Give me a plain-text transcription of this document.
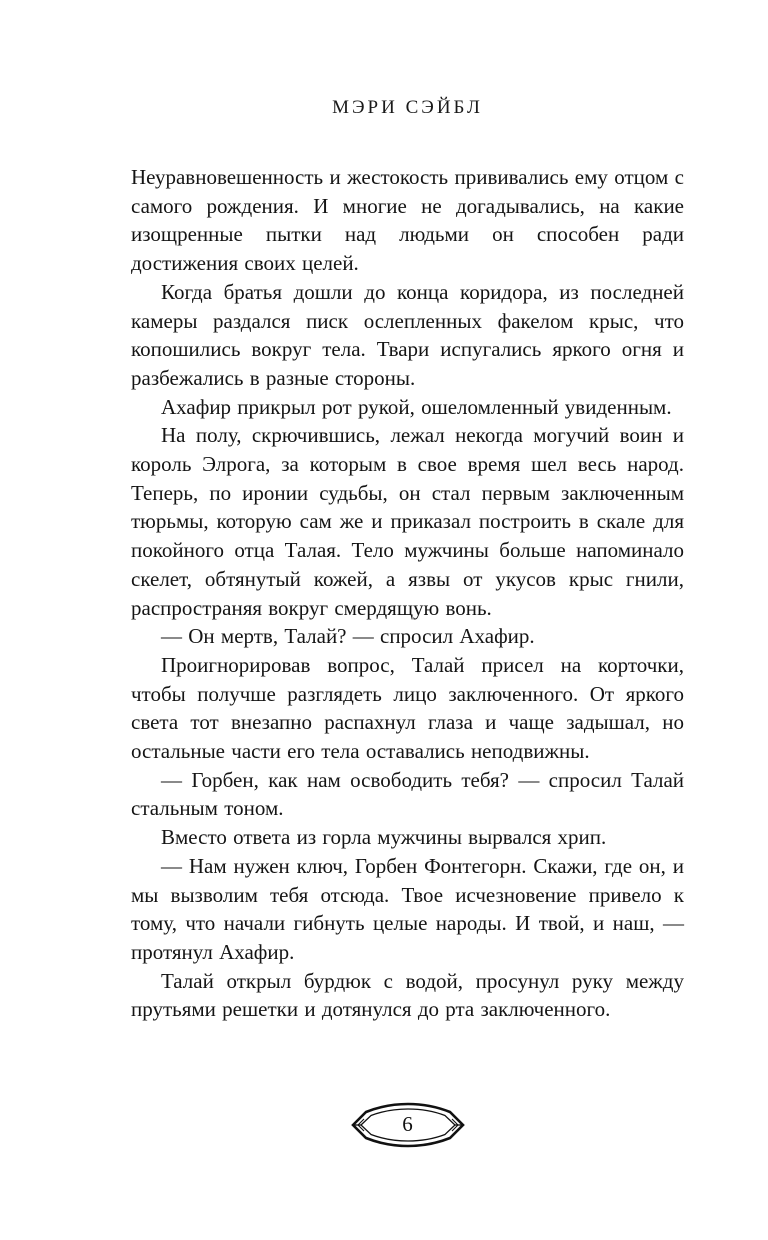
МЭРИ СЭЙБЛ

Неуравновешенность и жестокость прививались ему отцом с самого рождения. И многие не догадывались, на какие изощренные пытки над людьми он способен ради достижения своих целей.

Когда братья дошли до конца коридора, из последней камеры раздался писк ослепленных факелом крыс, что копошились вокруг тела. Твари испугались яркого огня и разбежались в разные стороны.

Ахафир прикрыл рот рукой, ошеломленный увиденным.

На полу, скрючившись, лежал некогда могучий воин и король Элрога, за которым в свое время шел весь народ. Теперь, по иронии судьбы, он стал первым заключенным тюрьмы, которую сам же и приказал построить в скале для покойного отца Талая. Тело мужчины больше напоминало скелет, обтянутый кожей, а язвы от укусов крыс гнили, распространяя вокруг смердящую вонь.

— Он мертв, Талай? — спросил Ахафир.

Проигнорировав вопрос, Талай присел на корточки, чтобы получше разглядеть лицо заключенного. От яркого света тот внезапно распахнул глаза и чаще задышал, но остальные части его тела оставались неподвижны.

— Горбен, как нам освободить тебя? — спросил Талай стальным тоном.

Вместо ответа из горла мужчины вырвался хрип.

— Нам нужен ключ, Горбен Фонтегорн. Скажи, где он, и мы вызволим тебя отсюда. Твое исчезновение привело к тому, что начали гибнуть целые народы. И твой, и наш, — протянул Ахафир.

Талай открыл бурдюк с водой, просунул руку между прутьями решетки и дотянулся до рта заключенного.

6
